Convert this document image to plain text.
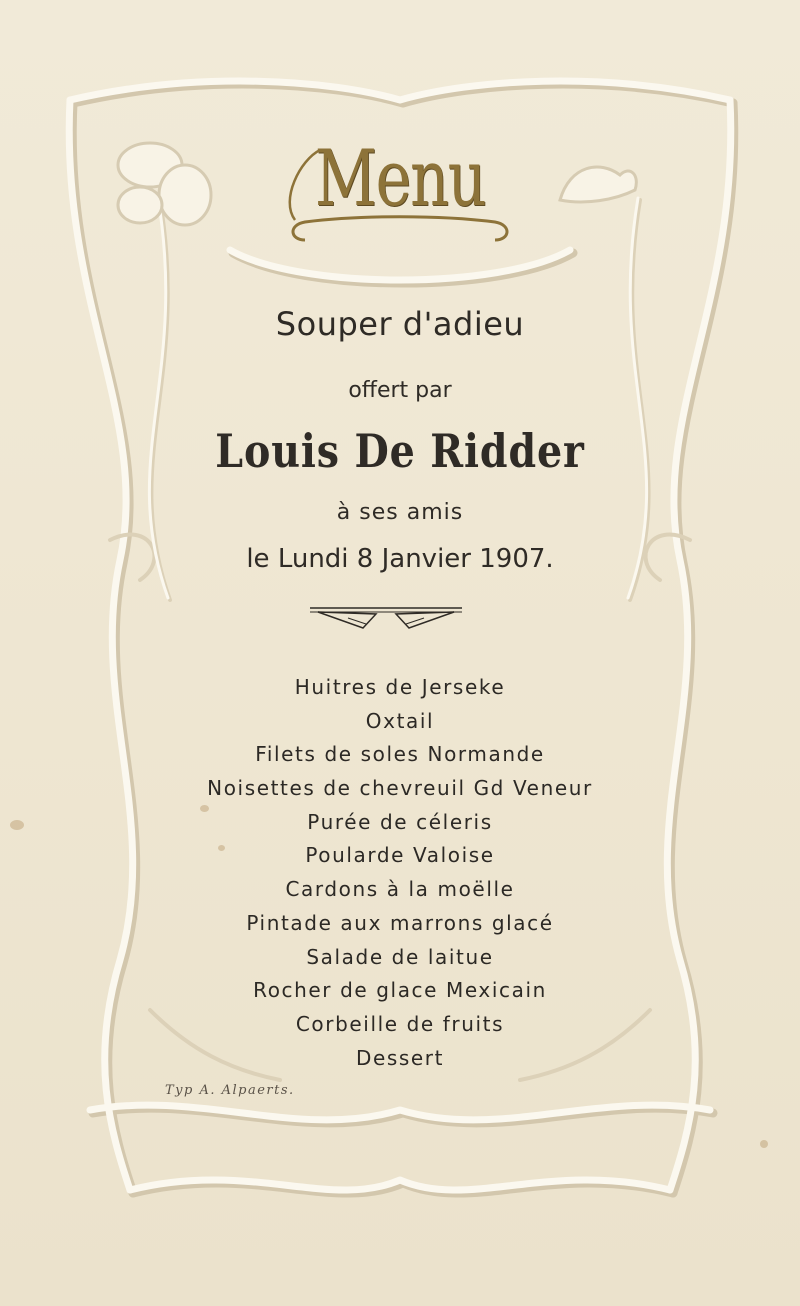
Menu
Souper d'adieu
offert par
Louis De Ridder
à ses amis
le Lundi 8 Janvier 1907.
Huitres de Jerseke
Oxtail
Filets de soles Normande
Noisettes de chevreuil Gd Veneur
Purée de céleris
Poularde Valoise
Cardons à la moëlle
Pintade aux marrons glacé
Salade de laitue
Rocher de glace Mexicain
Corbeille de fruits
Dessert
Typ A. Alpaerts.
